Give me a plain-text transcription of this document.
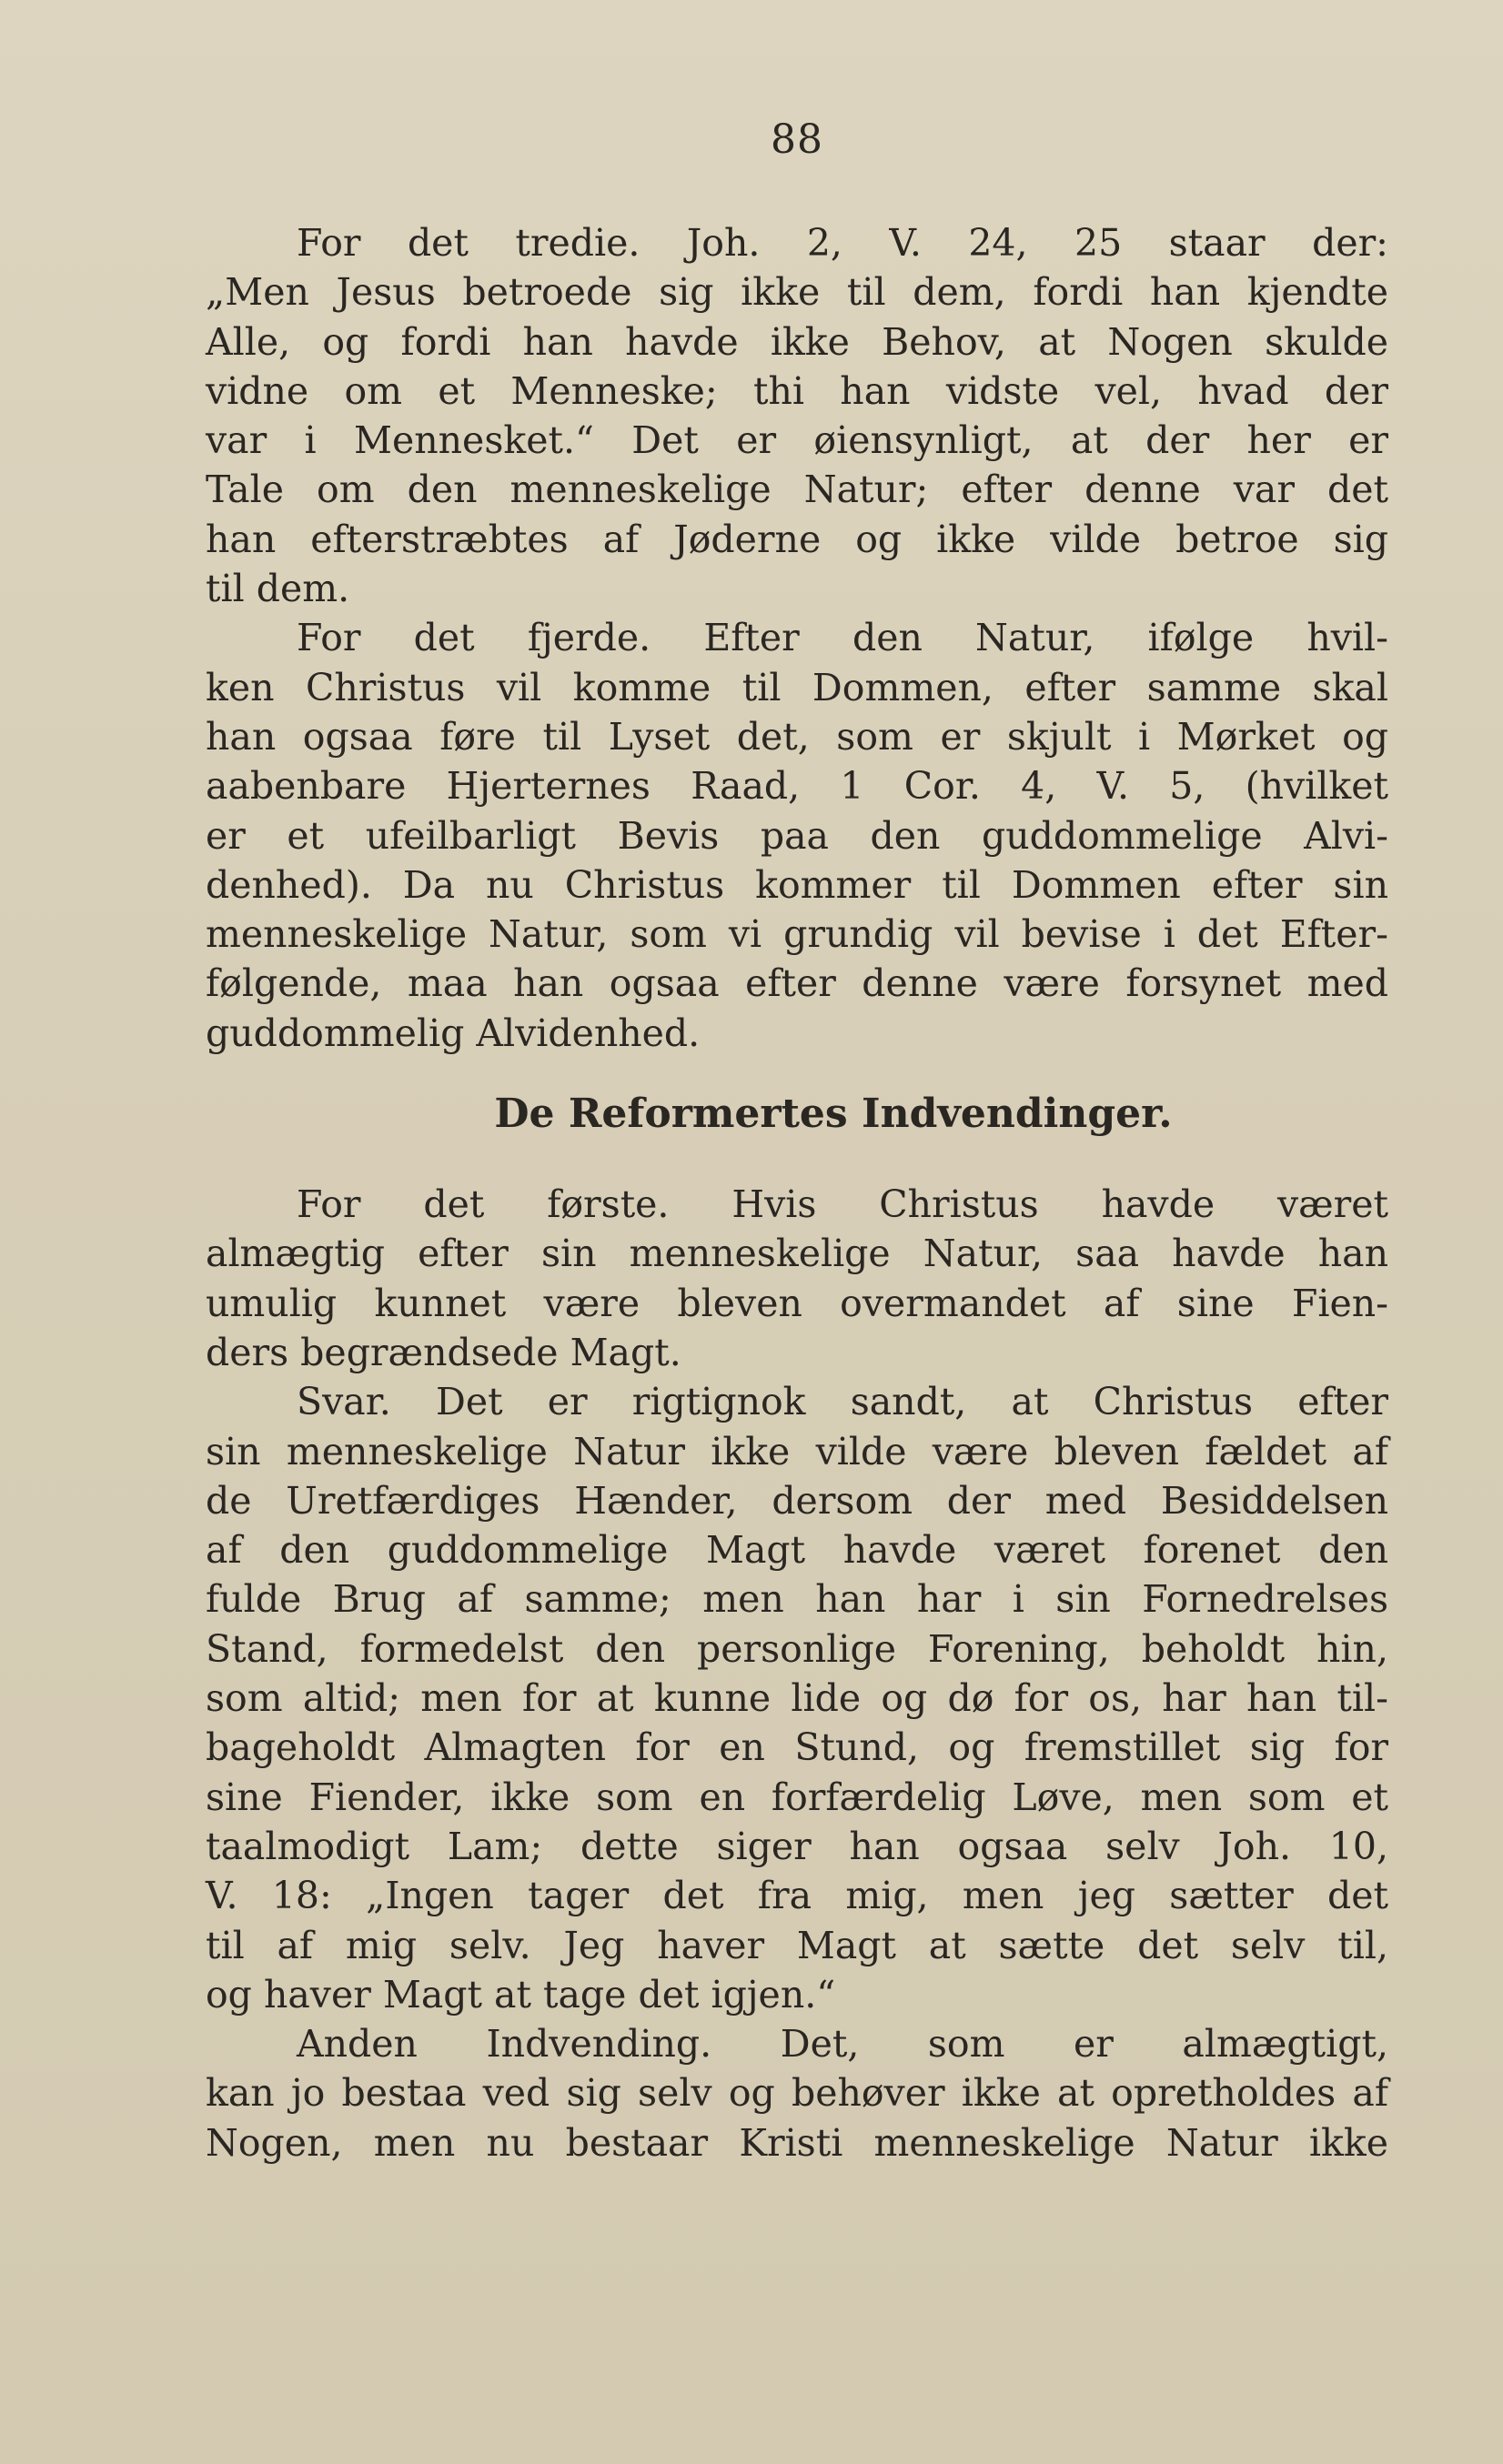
88
For det tredie. Joh. 2, V. 24, 25 staar der:
„Men Jesus betroede sig ikke til dem, fordi han kjendte
Alle, og fordi han havde ikke Behov, at Nogen skulde
vidne om et Menneske; thi han vidste vel, hvad der
var i Mennesket.“ Det er øiensynligt, at der her er
Tale om den menneskelige Natur; efter denne var det
han efterstræbtes af Jøderne og ikke vilde betroe sig
til dem.
For det fjerde. Efter den Natur, ifølge hvil-
ken Christus vil komme til Dommen, efter samme skal
han ogsaa føre til Lyset det, som er skjult i Mørket og
aabenbare Hjerternes Raad, 1 Cor. 4, V. 5, (hvilket
er et ufeilbarligt Bevis paa den guddommelige Alvi-
denhed). Da nu Christus kommer til Dommen efter sin
menneskelige Natur, som vi grundig vil bevise i det Efter-
følgende, maa han ogsaa efter denne være forsynet med
guddommelig Alvidenhed.
De Reformertes Indvendinger.
For det første. Hvis Christus havde været
almægtig efter sin menneskelige Natur, saa havde han
umulig kunnet være bleven overmandet af sine Fien-
ders begrændsede Magt.
Svar. Det er rigtignok sandt, at Christus efter
sin menneskelige Natur ikke vilde være bleven fældet af
de Uretfærdiges Hænder, dersom der med Besiddelsen
af den guddommelige Magt havde været forenet den
fulde Brug af samme; men han har i sin Fornedrelses
Stand, formedelst den personlige Forening, beholdt hin,
som altid; men for at kunne lide og dø for os, har han til-
bageholdt Almagten for en Stund, og fremstillet sig for
sine Fiender, ikke som en forfærdelig Løve, men som et
taalmodigt Lam; dette siger han ogsaa selv Joh. 10,
V. 18: „Ingen tager det fra mig, men jeg sætter det
til af mig selv. Jeg haver Magt at sætte det selv til,
og haver Magt at tage det igjen.“
Anden Indvending. Det, som er almægtigt,
kan jo bestaa ved sig selv og behøver ikke at opretholdes af
Nogen, men nu bestaar Kristi menneskelige Natur ikke
